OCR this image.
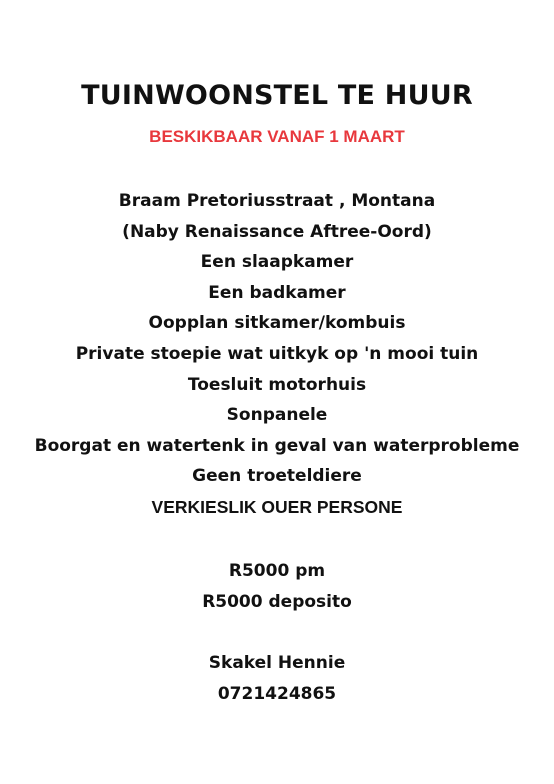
TUINWOONSTEL TE HUUR
BESKIKBAAR VANAF 1 MAART
Braam Pretoriusstraat , Montana
(Naby Renaissance Aftree-Oord)
Een slaapkamer
Een badkamer
Oopplan sitkamer/kombuis
Private stoepie wat uitkyk op 'n mooi tuin
Toesluit motorhuis
Sonpanele
Boorgat en watertenk in geval van waterprobleme
Geen troeteldiere
VERKIESLIK OUER PERSONE
R5000 pm
R5000 deposito
Skakel Hennie
0721424865
